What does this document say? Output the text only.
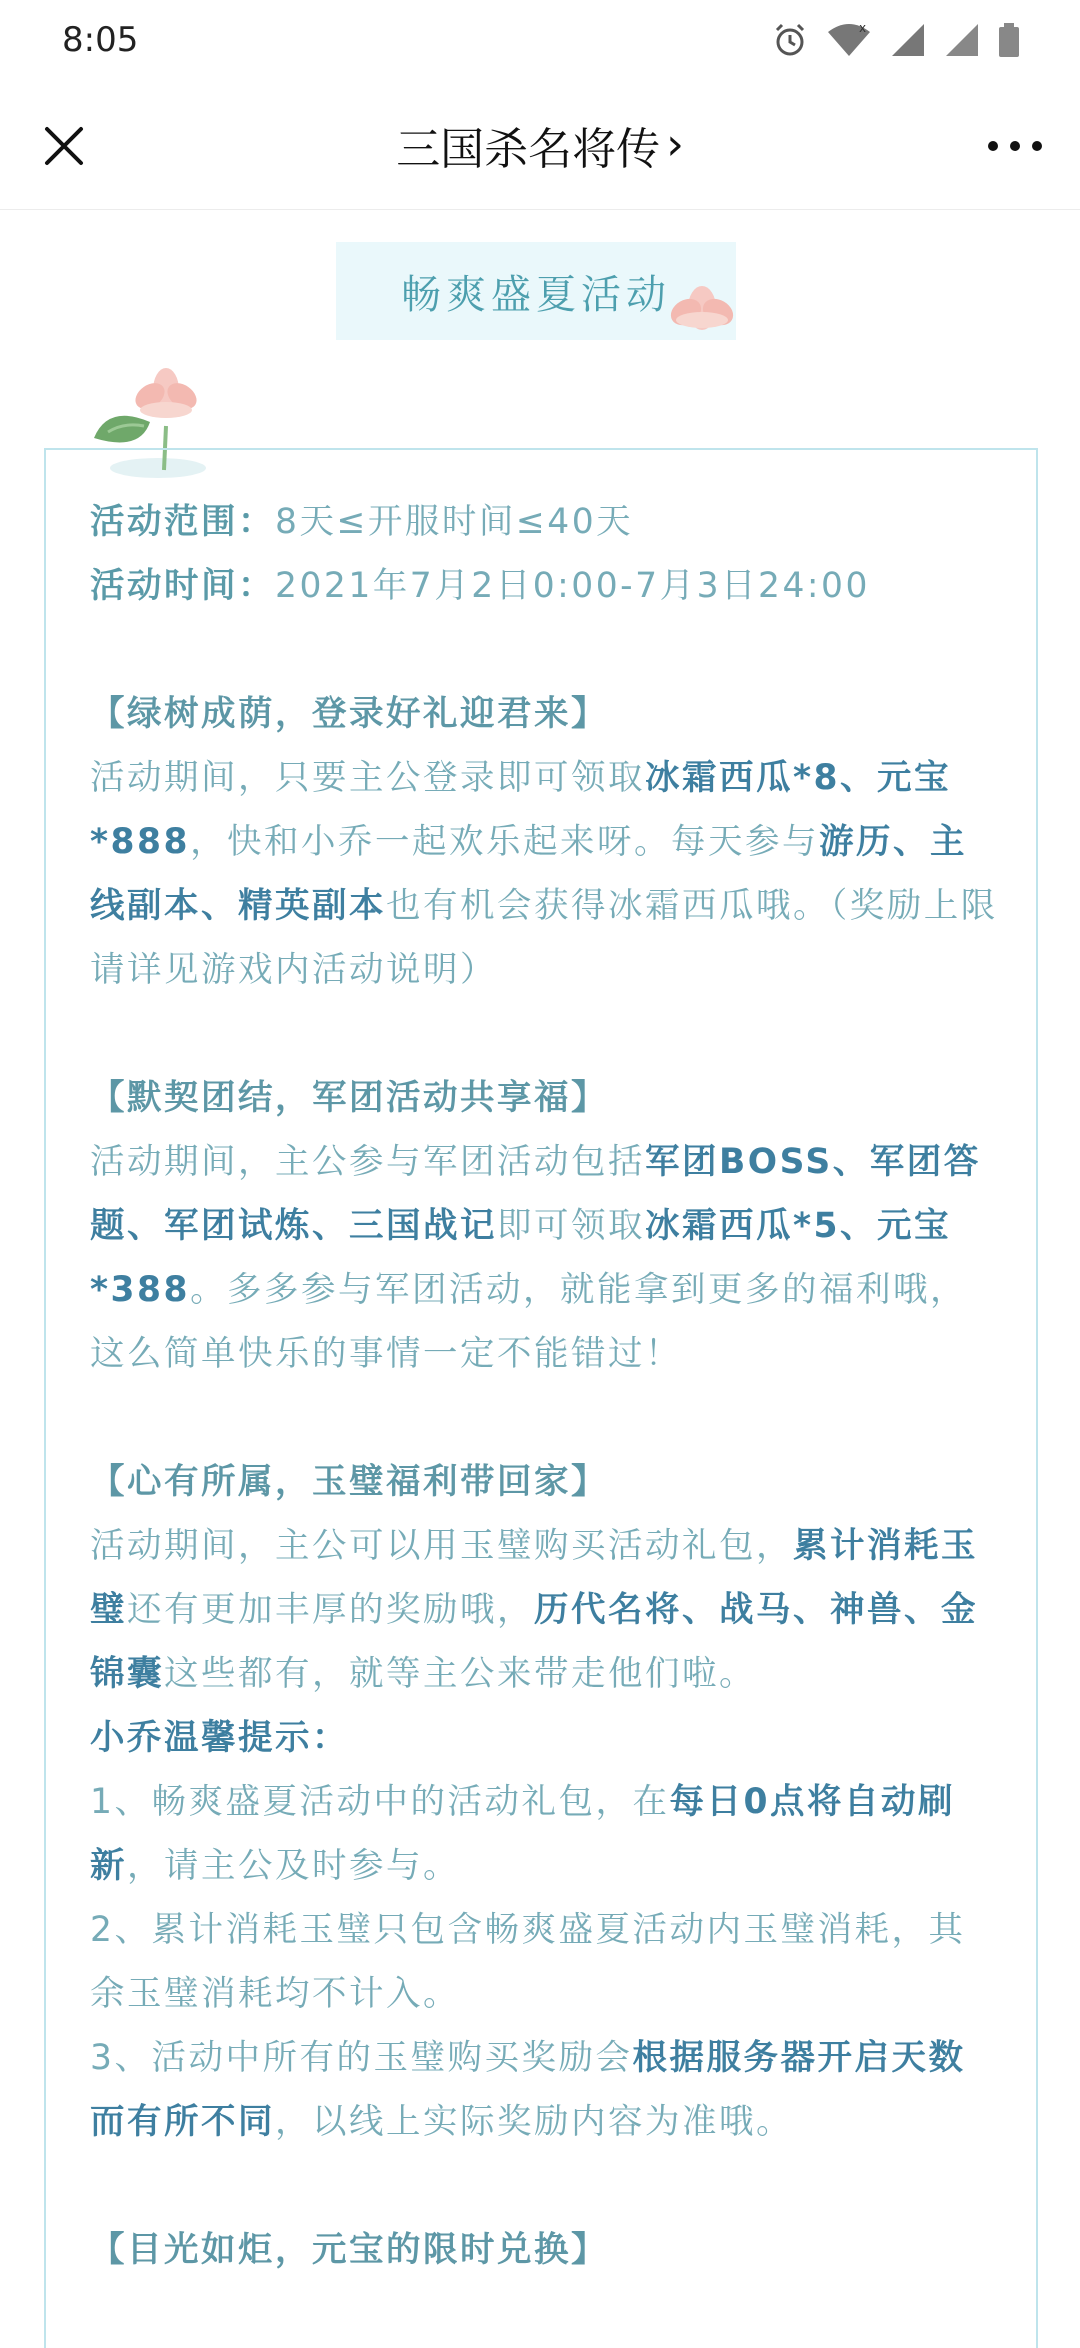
8:05	x
三国杀名将传 ›
畅爽盛夏活动

活动范围：8天≤开服时间≤40天

活动时间：2021年7月2日0:00-7月3日24:00

【绿树成荫，登录好礼迎君来】

活动期间，只要主公登录即可领取冰霜西瓜*8、元宝*888，快和小乔一起欢乐起来呀。每天参与游历、主线副本、精英副本也有机会获得冰霜西瓜哦。（奖励上限请详见游戏内活动说明）

【默契团结，军团活动共享福】

活动期间，主公参与军团活动包括军团BOSS、军团答题、军团试炼、三国战记即可领取冰霜西瓜*5、元宝*388。多多参与军团活动，就能拿到更多的福利哦，这么简单快乐的事情一定不能错过！

【心有所属，玉璧福利带回家】

活动期间，主公可以用玉璧购买活动礼包，累计消耗玉璧还有更加丰厚的奖励哦，历代名将、战马、神兽、金锦囊这些都有，就等主公来带走他们啦。

小乔温馨提示：

1、畅爽盛夏活动中的活动礼包，在每日0点将自动刷新，请主公及时参与。

2、累计消耗玉璧只包含畅爽盛夏活动内玉璧消耗，其余玉璧消耗均不计入。

3、活动中所有的玉璧购买奖励会根据服务器开启天数而有所不同，以线上实际奖励内容为准哦。

【目光如炬，元宝的限时兑换】
